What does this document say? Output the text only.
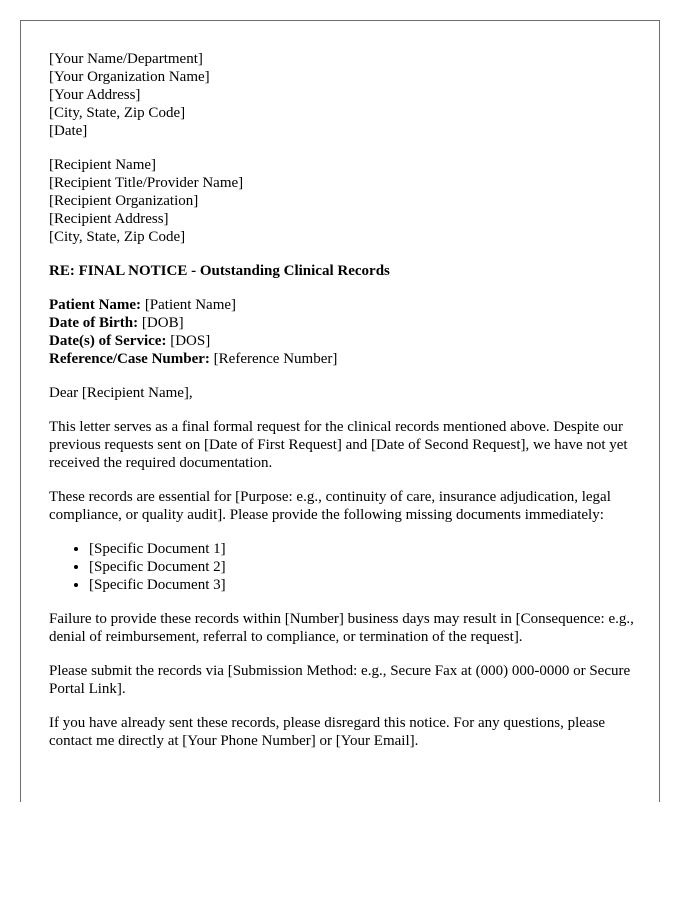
[Your Name/Department]
[Your Organization Name]
[Your Address]
[City, State, Zip Code]
[Date]
[Recipient Name]
[Recipient Title/Provider Name]
[Recipient Organization]
[Recipient Address]
[City, State, Zip Code]
RE: FINAL NOTICE - Outstanding Clinical Records
Patient Name: [Patient Name]
Date of Birth: [DOB]
Date(s) of Service: [DOS]
Reference/Case Number: [Reference Number]

Dear [Recipient Name],

This letter serves as a final formal request for the clinical records mentioned above. Despite our previous requests sent on [Date of First Request] and [Date of Second Request], we have not yet received the required documentation.

These records are essential for [Purpose: e.g., continuity of care, insurance adjudication, legal compliance, or quality audit]. Please provide the following missing documents immediately:

• [Specific Document 1]
• [Specific Document 2]
• [Specific Document 3]

Failure to provide these records within [Number] business days may result in [Consequence: e.g., denial of reimbursement, referral to compliance, or termination of the request].

Please submit the records via [Submission Method: e.g., Secure Fax at (000) 000-0000 or Secure Portal Link].

If you have already sent these records, please disregard this notice. For any questions, please contact me directly at [Your Phone Number] or [Your Email].
